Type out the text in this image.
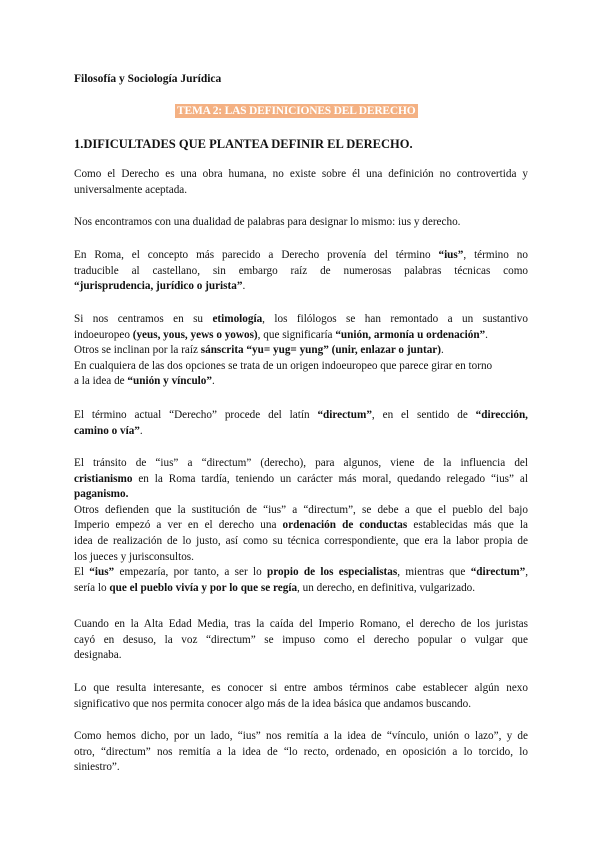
Filosofía y Sociología Jurídica
TEMA 2: LAS DEFINICIONES DEL DERECHO
1.DIFICULTADES QUE PLANTEA DEFINIR EL DERECHO.

Como el Derecho es una obra humana, no existe sobre él una definición no controvertida y
universalmente aceptada.

Nos encontramos con una dualidad de palabras para designar lo mismo: ius y derecho.

En Roma, el concepto más parecido a Derecho provenía del término “ius”, término no
traducible al castellano, sin embargo raíz de numerosas palabras técnicas como
“jurisprudencia, jurídico o jurista”.

Si nos centramos en su etimología, los filólogos se han remontado a un sustantivo
indoeuropeo (yeus, yous, yews o yowos), que significaría “unión, armonía u ordenación”.
Otros se inclinan por la raíz sánscrita “yu= yug= yung” (unir, enlazar o juntar).
En cualquiera de las dos opciones se trata de un origen indoeuropeo que parece girar en torno
a la idea de “unión y vínculo”.

El término actual “Derecho” procede del latín “directum”, en el sentido de “dirección,
camino o vía”.

El tránsito de “ius” a “directum” (derecho), para algunos, viene de la influencia del
cristianismo en la Roma tardía, teniendo un carácter más moral, quedando relegado “ius” al
paganismo.
Otros defienden que la sustitución de “ius” a “directum”, se debe a que el pueblo del bajo
Imperio empezó a ver en el derecho una ordenación de conductas establecidas más que la
idea de realización de lo justo, así como su técnica correspondiente, que era la labor propia de
los jueces y jurisconsultos.
El “ius” empezaría, por tanto, a ser lo propio de los especialistas, mientras que “directum”,
sería lo que el pueblo vivía y por lo que se regía, un derecho, en definitiva, vulgarizado.

Cuando en la Alta Edad Media, tras la caída del Imperio Romano, el derecho de los juristas
cayó en desuso, la voz “directum” se impuso como el derecho popular o vulgar que
designaba.

Lo que resulta interesante, es conocer si entre ambos términos cabe establecer algún nexo
significativo que nos permita conocer algo más de la idea básica que andamos buscando.

Como hemos dicho, por un lado, “ius” nos remitía a la idea de “vínculo, unión o lazo”, y de
otro, “directum” nos remitía a la idea de “lo recto, ordenado, en oposición a lo torcido, lo
siniestro”.
